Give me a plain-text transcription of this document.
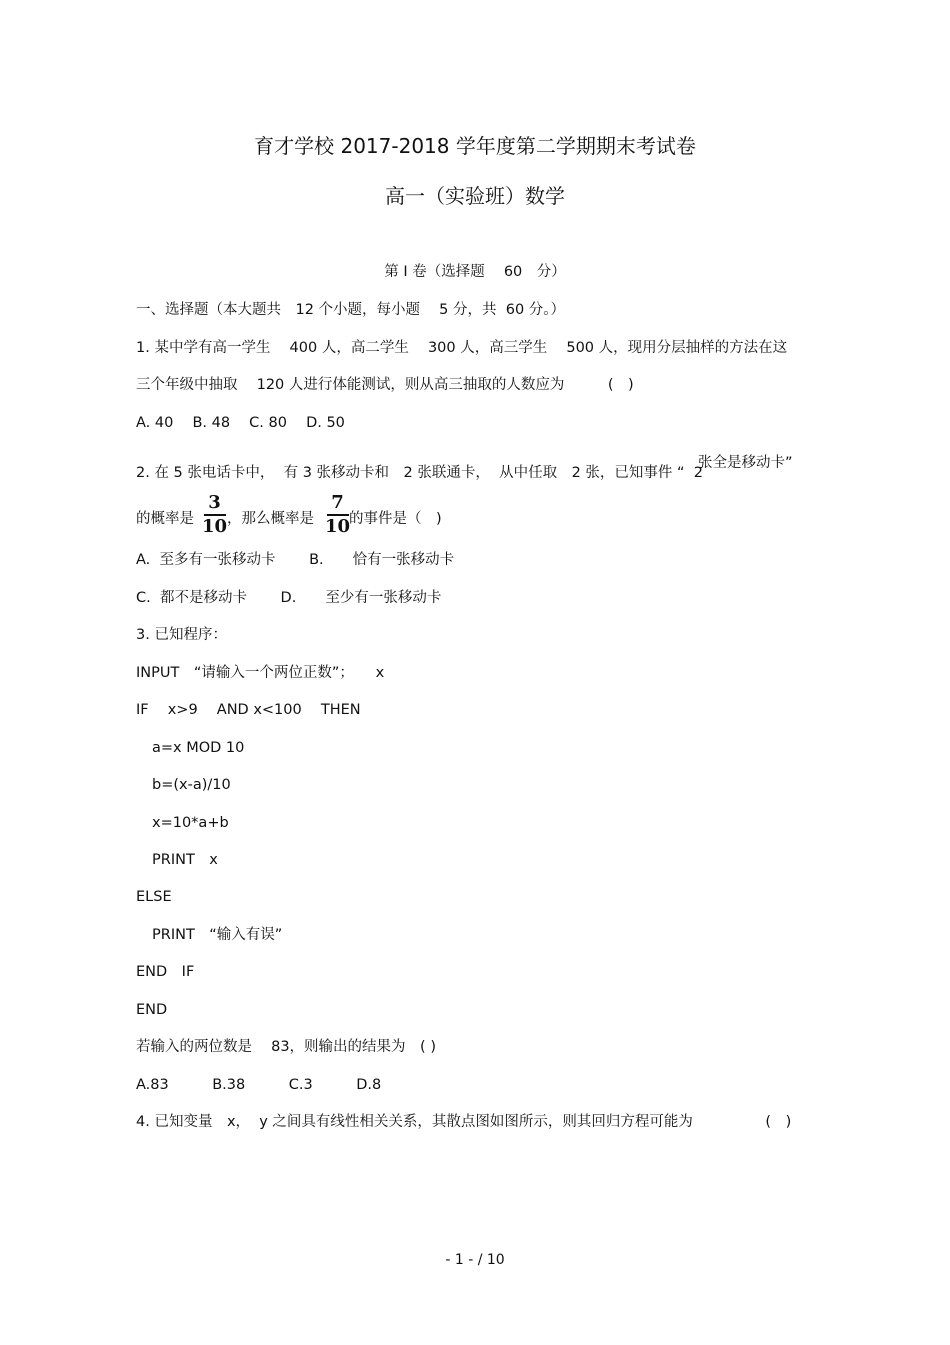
育才学校 2017-2018 学年度第二学期期末考试卷
高一（实验班）数学
第 I 卷（选择题　 60　分）
一、选择题（本大题共　12 个小题，每小题　 5 分，共  60 分。）
1. 某中学有高一学生　 400 人，高二学生　 300 人，高三学生　 500 人，现用分层抽样的方法在这
三个年级中抽取　 120 人进行体能测试，则从高三抽取的人数应为　　　(　)
A. 40　 B. 48　 C. 80　 D. 50
2. 在 5 张电话卡中，  有 3 张移动卡和　2 张联通卡，  从中任取　2 张，已知事件 “  2
张全是移动卡”
的概率是
3
10 ，那么概率是
7
10
的事件是（　)
A.  至多有一张移动卡　　 B.　　恰有一张移动卡
C.  都不是移动卡　　 D.　　至少有一张移动卡
3. 已知程序：
INPUT　“请输入一个两位正数”；　　x
IF　 x>9　 AND x<100　 THEN
a=x MOD 10
b=(x-a)/10
x=10*a+b
PRINT　x
ELSE
PRINT　“输入有误”
END　IF
END
若输入的两位数是　 83，则输出的结果为　( )
A.83　　　B.38　　　C.3　　　D.8
4. 已知变量　x，  y 之间具有线性相关关系，其散点图如图所示，则其回归方程可能为　　　　　(　)
- 1 - / 10
